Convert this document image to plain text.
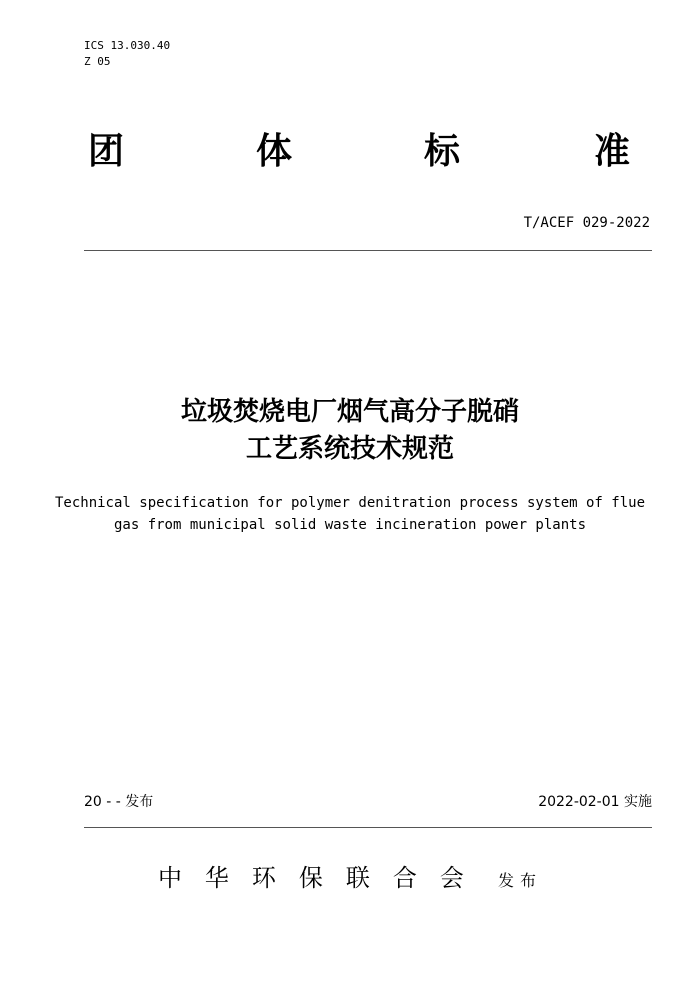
ICS 13.030.40
Z 05
团	体	标	准
T/ACEF 029-2022
垃圾焚烧电厂烟气高分子脱硝
工艺系统技术规范
Technical specification for polymer denitration process system of flue
gas from municipal solid waste incineration power plants
20 - - 发布	2022-02-01 实施
中华环保联合会 发布
